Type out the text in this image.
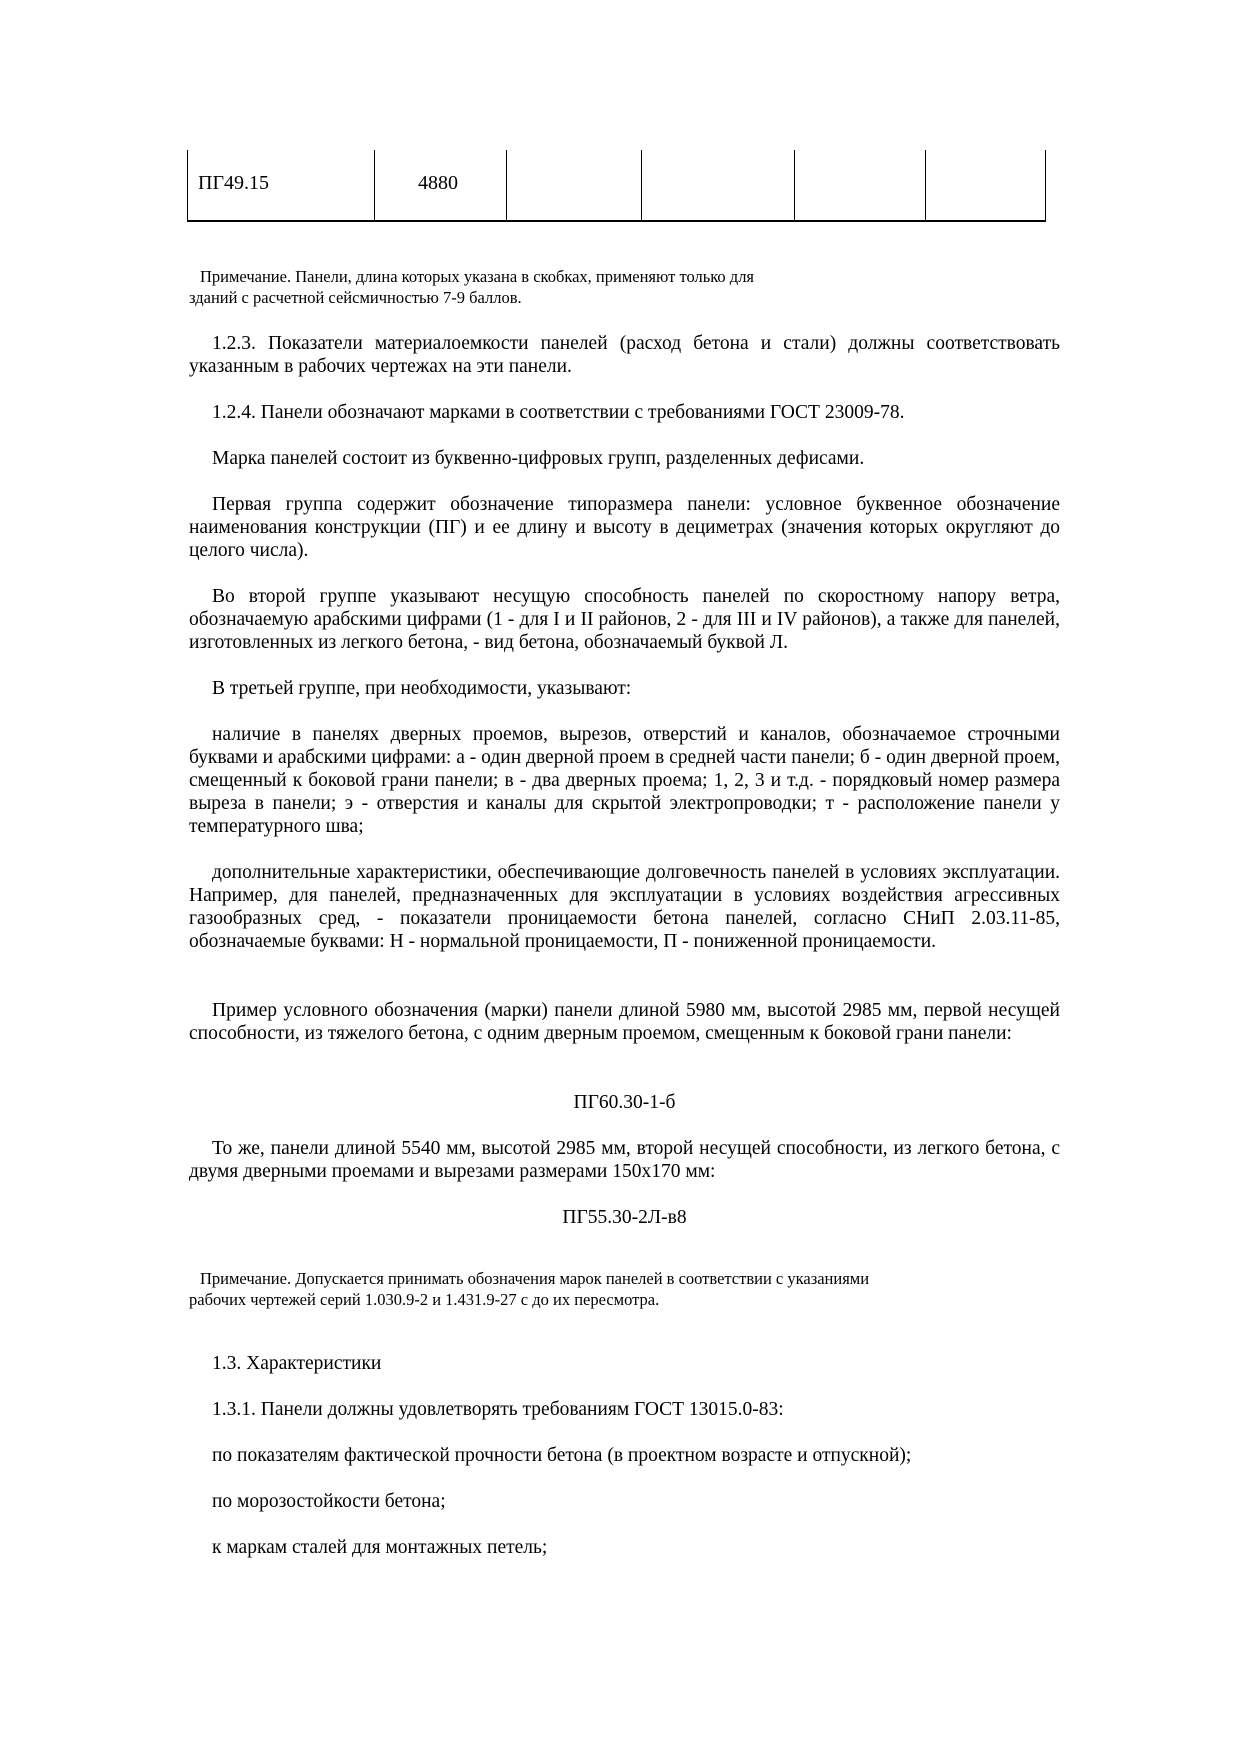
ПГ49.15	4880

Примечание. Панели, длина которых указана в скобках, применяют только для
зданий с расчетной сейсмичностью 7-9 баллов.
1.2.3. Показатели материалоемкости панелей (расход бетона и стали) должны соответствовать указанным в рабочих чертежах на эти панели.
1.2.4. Панели обозначают марками в соответствии с требованиями ГОСТ 23009-78.
Марка панелей состоит из буквенно-цифровых групп, разделенных дефисами.
Первая группа содержит обозначение типоразмера панели: условное буквенное обозначение наименования конструкции (ПГ) и ее длину и высоту в дециметрах (значения которых округляют до целого числа).
Во второй группе указывают несущую способность панелей по скоростному напору ветра, обозначаемую арабскими цифрами (1 - для I и II районов, 2 - для III и IV районов), а также для панелей, изготовленных из легкого бетона, - вид бетона, обозначаемый буквой Л.
В третьей группе, при необходимости, указывают:
наличие в панелях дверных проемов, вырезов, отверстий и каналов, обозначаемое строчными буквами и арабскими цифрами: а - один дверной проем в средней части панели; б - один дверной проем, смещенный к боковой грани панели; в - два дверных проема; 1, 2, 3 и т.д. - порядковый номер размера выреза в панели; э - отверстия и каналы для скрытой электропроводки; т - расположение панели у температурного шва;
дополнительные характеристики, обеспечивающие долговечность панелей в условиях эксплуатации. Например, для панелей, предназначенных для эксплуатации в условиях воздействия агрессивных газообразных сред, - показатели проницаемости бетона панелей, согласно СНиП 2.03.11-85, обозначаемые буквами: Н - нормальной проницаемости, П - пониженной проницаемости.
Пример условного обозначения (марки) панели длиной 5980 мм, высотой 2985 мм, первой несущей способности, из тяжелого бетона, с одним дверным проемом, смещенным к боковой грани панели:
ПГ60.30-1-б
То же, панели длиной 5540 мм, высотой 2985 мм, второй несущей способности, из легкого бетона, с двумя дверными проемами и вырезами размерами 150х170 мм:
ПГ55.30-2Л-в8
Примечание. Допускается принимать обозначения марок панелей в соответствии с указаниями
рабочих чертежей серий 1.030.9-2 и 1.431.9-27 с до их пересмотра.
1.3. Характеристики
1.3.1. Панели должны удовлетворять требованиям ГОСТ 13015.0-83:
по показателям фактической прочности бетона (в проектном возрасте и отпускной);
по морозостойкости бетона;
к маркам сталей для монтажных петель;
